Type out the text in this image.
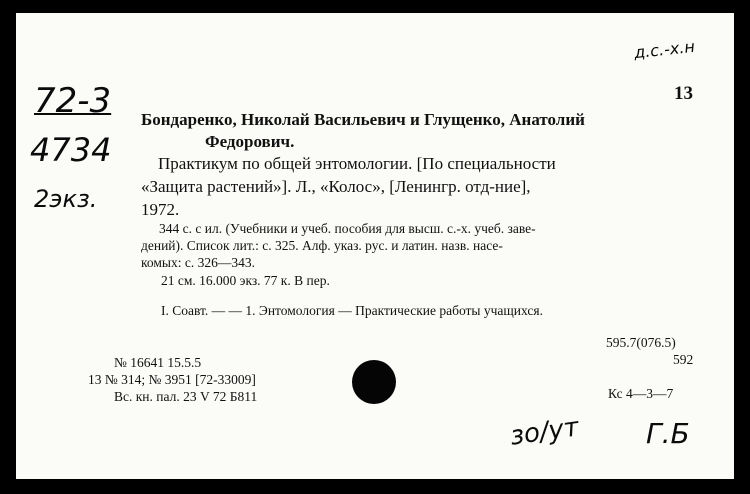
72-3
4734
2экз.
д.с.-х.н
зо/ут Г.Б
13
Бондаренко, Николай Васильевич и Глущенко, Анатолий
Федорович.
Практикум по общей энтомологии. [По специальности
«Защита растений»]. Л., «Колос», [Ленингр. отд-ние],
1972.
344 с. с ил. (Учебники и учеб. пособия для высш. с.-х. учеб. заве-
дений). Список лит.: с. 325. Алф. указ. рус. и латин. назв. насе-
комых: с. 326—343.
21 см. 16.000 экз. 77 к. В пер.
I. Соавт. — — 1. Энтомология — Практические работы учащихся.
595.7(076.5)
592
№ 16641 15.5.5
13 № 314; № 3951 [72-33009]
Вс. кн. пал. 23 V 72 Б811	Кс 4—3—7
